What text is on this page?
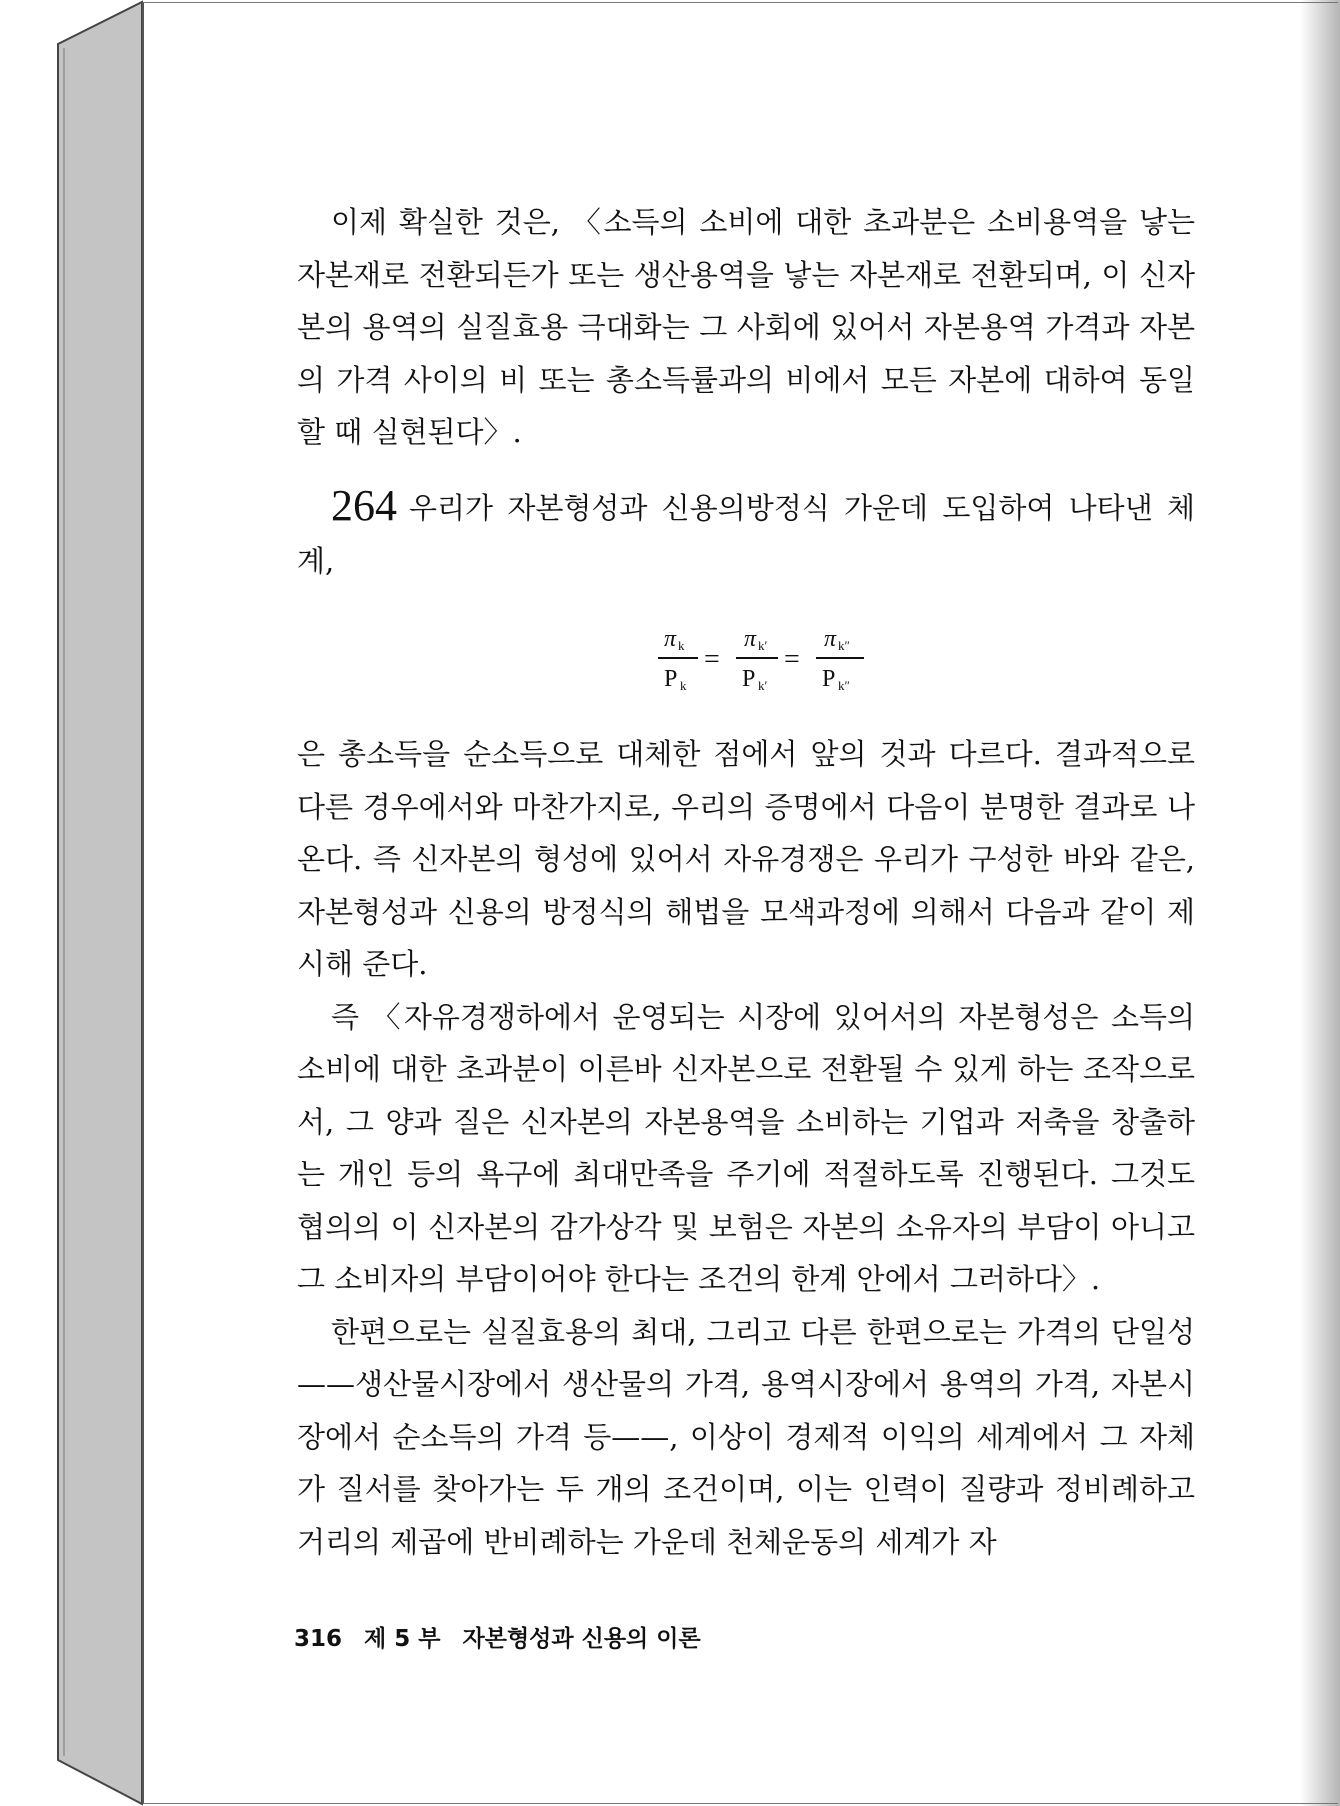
이제 확실한 것은, 〈소득의 소비에 대한 초과분은 소비용역을 낳는 자본재로 전환되든가 또는 생산용역을 낳는 자본재로 전환되며, 이 신자본의 용역의 실질효용 극대화는 그 사회에 있어서 자본용역 가격과 자본의 가격 사이의 비 또는 총소득률과의 비에서 모든 자본에 대하여 동일할 때 실현된다〉.

264 우리가 자본형성과 신용의방정식 가운데 도입하여 나타낸 체계,

π k
P k
=
π k′
P k′
=
π k″
P k″

은 총소득을 순소득으로 대체한 점에서 앞의 것과 다르다. 결과적으로 다른 경우에서와 마찬가지로, 우리의 증명에서 다음이 분명한 결과로 나온다. 즉 신자본의 형성에 있어서 자유경쟁은 우리가 구성한 바와 같은, 자본형성과 신용의 방정식의 해법을 모색과정에 의해서 다음과 같이 제시해 준다.

즉 〈자유경쟁하에서 운영되는 시장에 있어서의 자본형성은 소득의 소비에 대한 초과분이 이른바 신자본으로 전환될 수 있게 하는 조작으로서, 그 양과 질은 신자본의 자본용역을 소비하는 기업과 저축을 창출하는 개인 등의 욕구에 최대만족을 주기에 적절하도록 진행된다. 그것도 협의의 이 신자본의 감가상각 및 보험은 자본의 소유자의 부담이 아니고 그 소비자의 부담이어야 한다는 조건의 한계 안에서 그러하다〉.

한편으로는 실질효용의 최대, 그리고 다른 한편으로는 가격의 단일성——생산물시장에서 생산물의 가격, 용역시장에서 용역의 가격, 자본시장에서 순소득의 가격 등——, 이상이 경제적 이익의 세계에서 그 자체가 질서를 찾아가는 두 개의 조건이며, 이는 인력이 질량과 정비례하고 거리의 제곱에 반비례하는 가운데 천체운동의 세계가 자

316 제 5 부 자본형성과 신용의 이론
